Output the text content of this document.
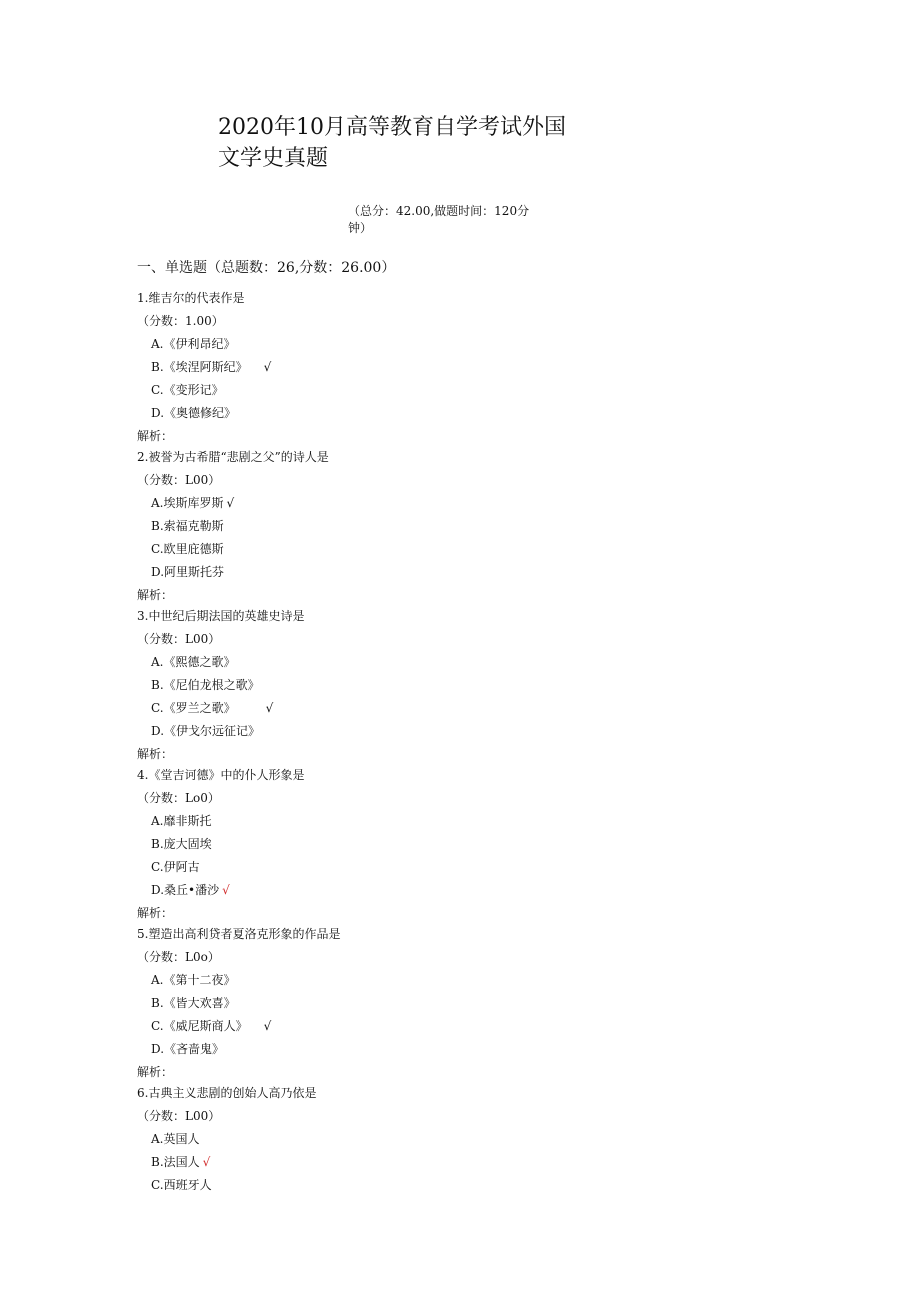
2020年10月高等教育自学考试外国
文学史真题
（总分：42.00,做题时间：120分
钟）
一、单选题（总题数：26,分数：26.00）
1.维吉尔的代表作是
（分数：1.00）
A.《伊利昂纪》
B.《埃涅阿斯纪》 √
C.《变形记》
D.《奥德修纪》
解析：
2.被誉为古希腊“悲剧之父”的诗人是
（分数：L00）
A.埃斯库罗斯 √
B.索福克勒斯
C.欧里庇德斯
D.阿里斯托芬
解析：
3.中世纪后期法国的英雄史诗是
（分数：L00）
A.《熙德之歌》
B.《尼伯龙根之歌》
C.《罗兰之歌》	√
D.《伊戈尔远征记》
解析：
4.《堂吉诃德》中的仆人形象是
（分数：Lo0）
A.靡非斯托
B.庞大固埃
C.伊阿古
D.桑丘•潘沙 √
解析：
5.塑造出高利贷者夏洛克形象的作品是
（分数：L0o）
A.《第十二夜》
B.《皆大欢喜》
C.《威尼斯商人》 √
D.《吝啬鬼》
解析：
6.古典主义悲剧的创始人高乃依是
（分数：L00）
A.英国人
B.法国人 √
C.西班牙人
